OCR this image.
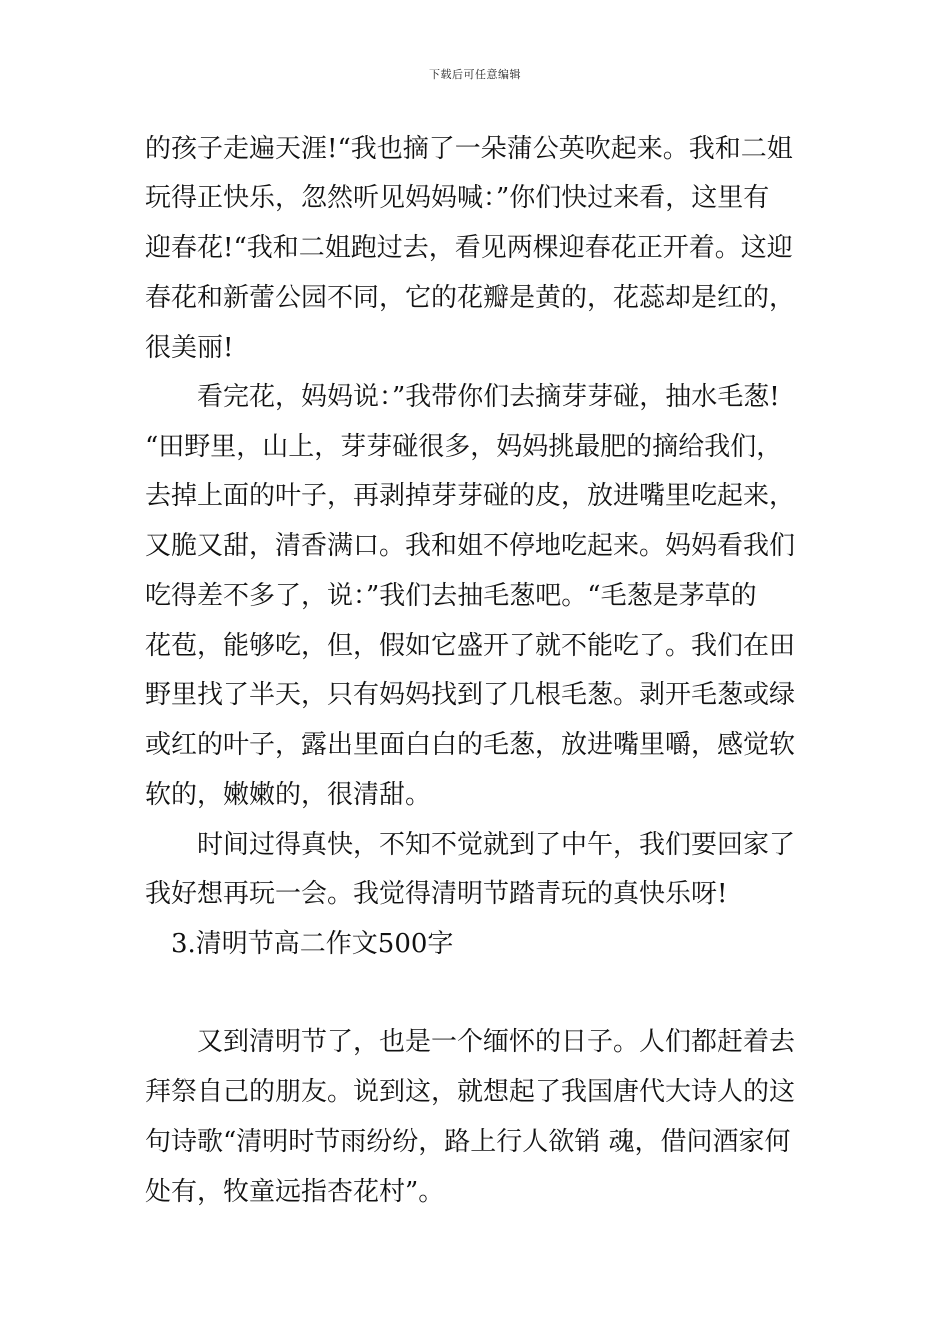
下载后可任意编辑
的孩子走遍天涯!“我也摘了一朵蒲公英吹起来。我和二姐
玩得正快乐，忽然听见妈妈喊：”你们快过来看，这里有
迎春花!“我和二姐跑过去，看见两棵迎春花正开着。这迎
春花和新蕾公园不同，它的花瓣是黄的，花蕊却是红的，
很美丽!
看完花，妈妈说：”我带你们去摘芽芽碰，抽水毛葱!
“田野里，山上，芽芽碰很多，妈妈挑最肥的摘给我们，
去掉上面的叶子，再剥掉芽芽碰的皮，放进嘴里吃起来，
又脆又甜，清香满口。我和姐不停地吃起来。妈妈看我们
吃得差不多了，说：”我们去抽毛葱吧。“毛葱是茅草的
花苞，能够吃，但，假如它盛开了就不能吃了。我们在田
野里找了半天，只有妈妈找到了几根毛葱。剥开毛葱或绿
或红的叶子，露出里面白白的毛葱，放进嘴里嚼，感觉软
软的，嫩嫩的，很清甜。
时间过得真快，不知不觉就到了中午，我们要回家了
我好想再玩一会。我觉得清明节踏青玩的真快乐呀!
3.清明节高二作文500字
又到清明节了，也是一个缅怀的日子。人们都赶着去
拜祭自己的朋友。说到这，就想起了我国唐代大诗人的这
句诗歌“清明时节雨纷纷，路上行人欲销 魂，借问酒家何
处有，牧童远指杏花村”。
